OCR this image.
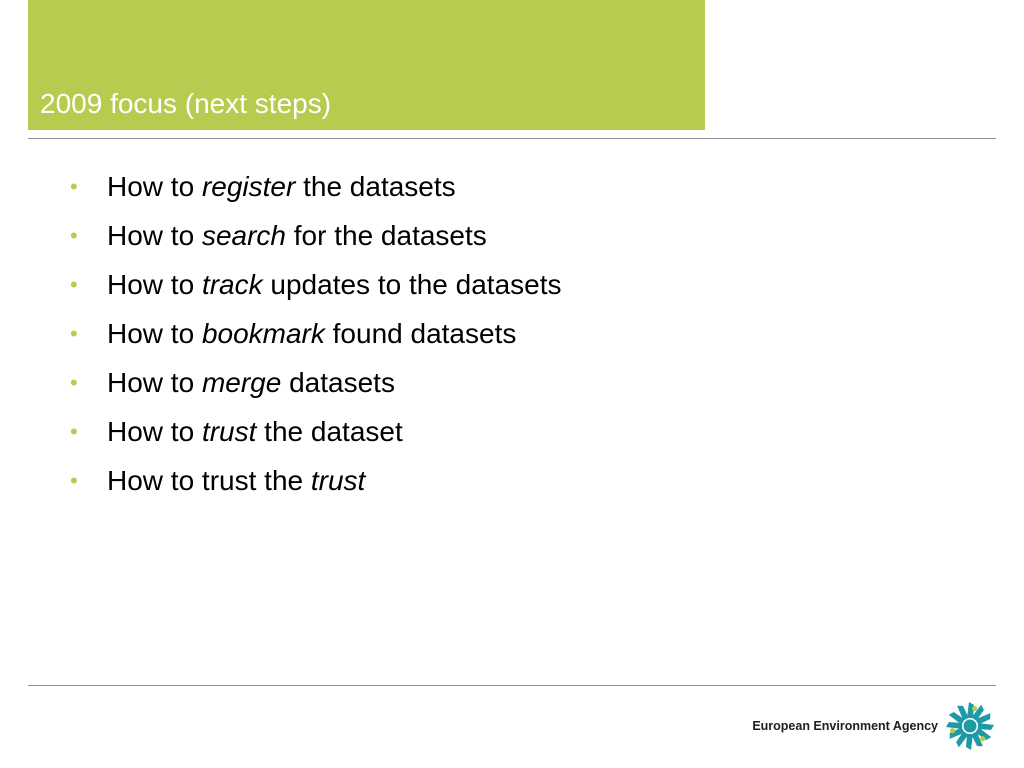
2009 focus (next steps)
•	How to register the datasets
•	How to search for the datasets
•	How to track updates to the datasets
•	How to bookmark found datasets
•	How to merge datasets
•	How to trust the dataset
•	How to trust the trust
European Environment Agency
